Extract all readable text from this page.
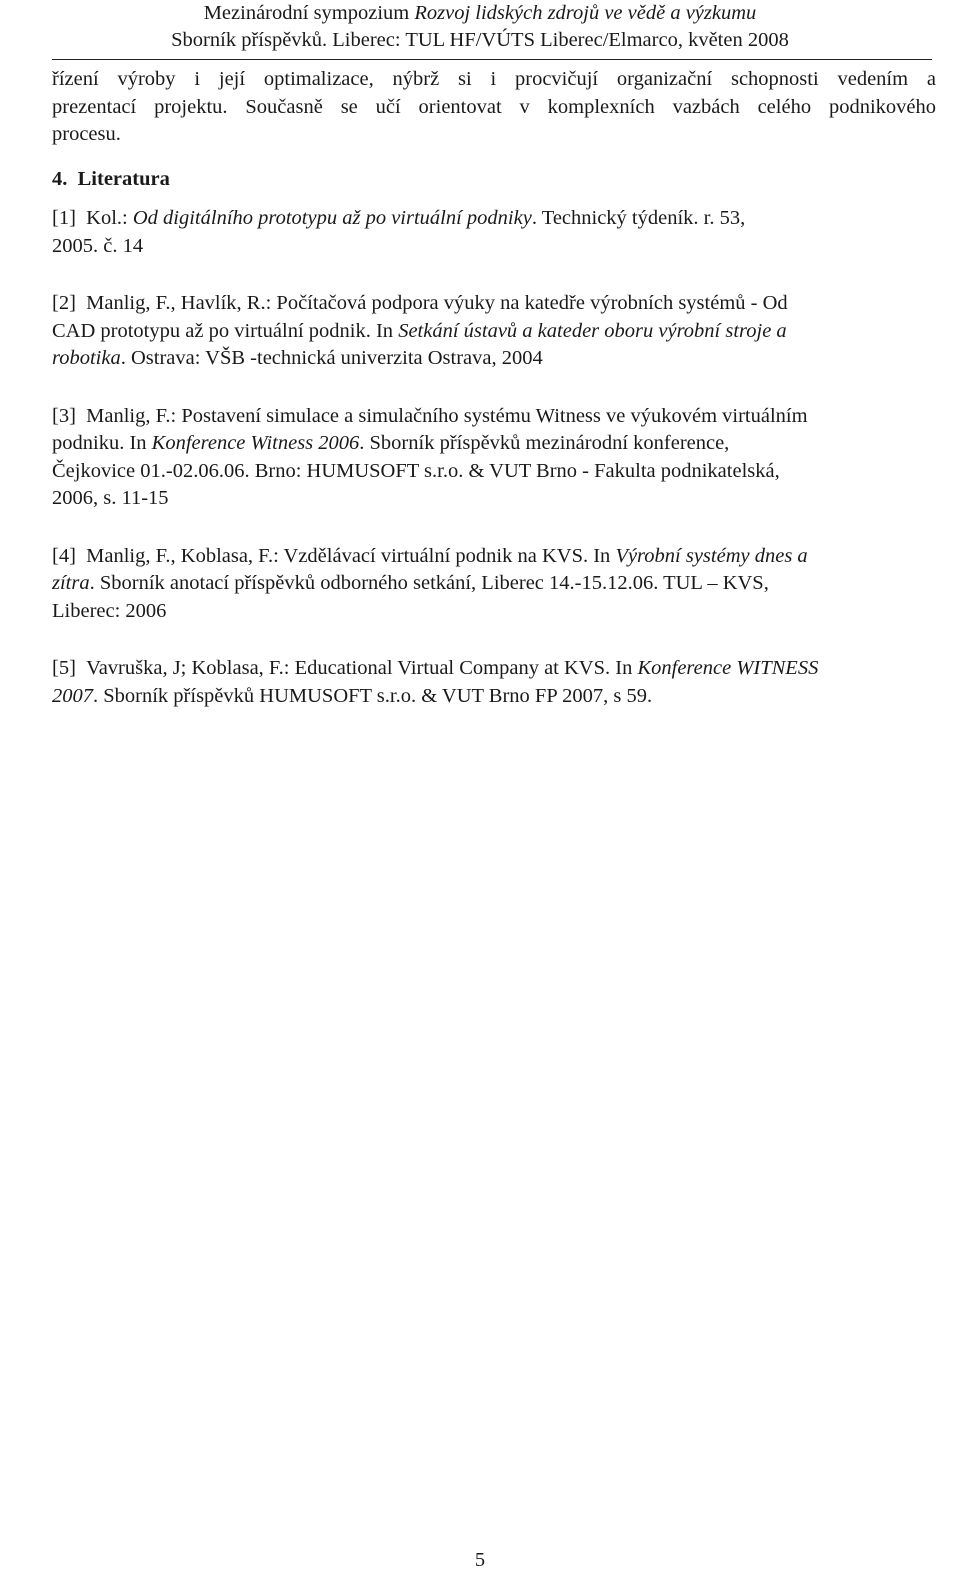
Mezinárodní sympozium Rozvoj lidských zdrojů ve vědě a výzkumu
Sborník příspěvků. Liberec: TUL HF/VÚTS Liberec/Elmarco, květen 2008

řízení výroby i její optimalizace, nýbrž si i procvičují organizační schopnosti vedením a
prezentací projektu. Současně se učí orientovat v komplexních vazbách celého podnikového
procesu.

4. Literatura
[1] Kol.: Od digitálního prototypu až po virtuální podniky. Technický týdeník. r. 53,
2005. č. 14
[2] Manlig, F., Havlík, R.: Počítačová podpora výuky na katedře výrobních systémů - Od
CAD prototypu až po virtuální podnik. In Setkání ústavů a kateder oboru výrobní stroje a
robotika. Ostrava: VŠB -technická univerzita Ostrava, 2004
[3] Manlig, F.: Postavení simulace a simulačního systému Witness ve výukovém virtuálním
podniku. In Konference Witness 2006. Sborník příspěvků mezinárodní konference,
Čejkovice 01.-02.06.06. Brno: HUMUSOFT s.r.o. & VUT Brno - Fakulta podnikatelská,
2006, s. 11-15
[4] Manlig, F., Koblasa, F.: Vzdělávací virtuální podnik na KVS. In Výrobní systémy dnes a
zítra. Sborník anotací příspěvků odborného setkání, Liberec 14.-15.12.06. TUL – KVS,
Liberec: 2006
[5] Vavruška, J; Koblasa, F.: Educational Virtual Company at KVS. In Konference WITNESS
2007. Sborník příspěvků HUMUSOFT s.r.o. & VUT Brno FP 2007, s 59.
5
